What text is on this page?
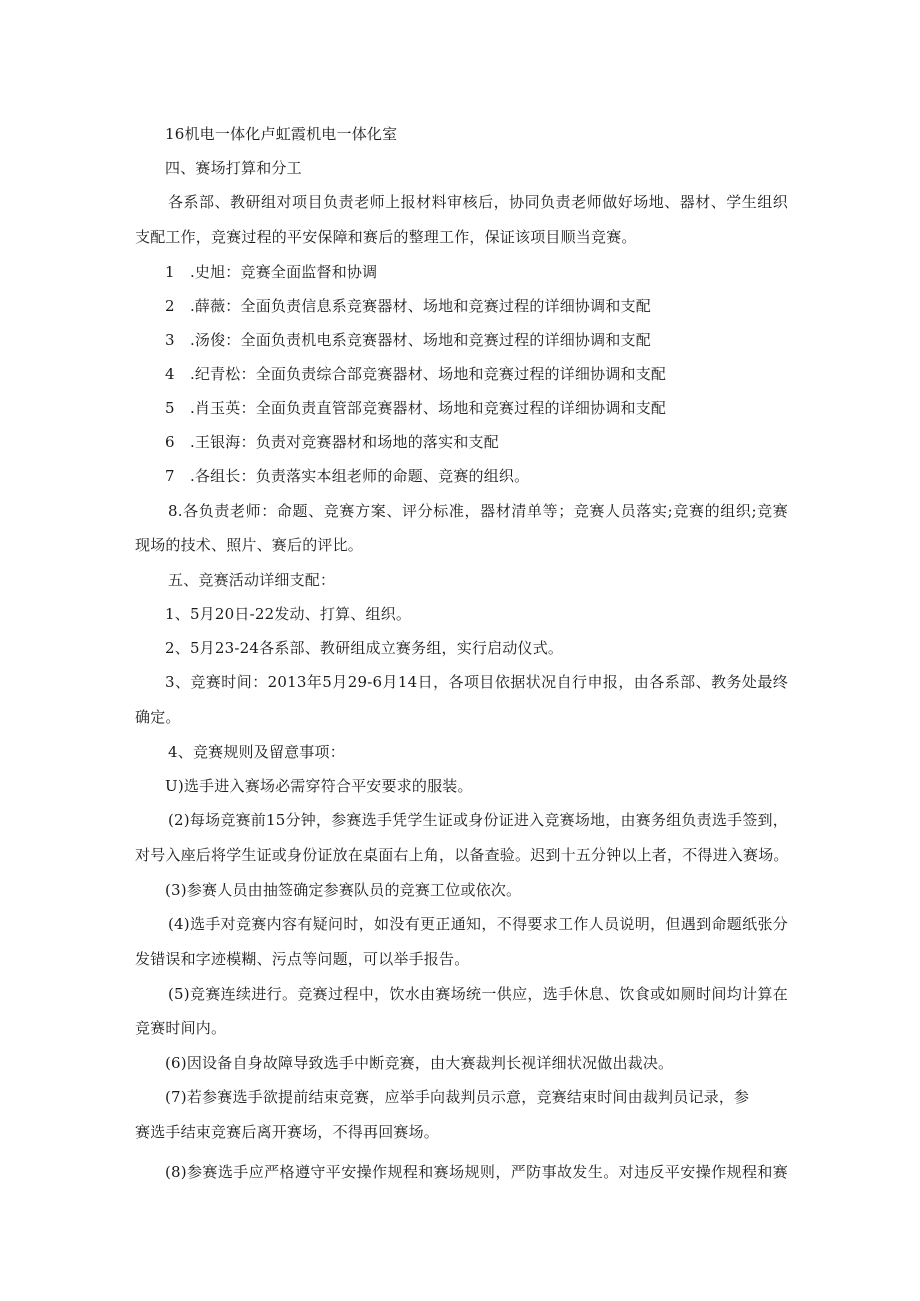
16机电一体化卢虹霞机电一体化室
四、赛场打算和分工
各系部、教研组对项目负责老师上报材料审核后，协同负责老师做好场地、器材、学生组织
支配工作，竞赛过程的平安保障和赛后的整理工作，保证该项目顺当竞赛。
1　.史旭：竞赛全面监督和协调
2　.薛薇：全面负责信息系竞赛器材、场地和竞赛过程的详细协调和支配
3　.汤俊：全面负责机电系竞赛器材、场地和竞赛过程的详细协调和支配
4　.纪青松：全面负责综合部竞赛器材、场地和竞赛过程的详细协调和支配
5　.肖玉英：全面负责直管部竞赛器材、场地和竞赛过程的详细协调和支配
6　.王银海：负责对竞赛器材和场地的落实和支配
7　.各组长：负责落实本组老师的命题、竞赛的组织。
8.各负责老师：命题、竞赛方案、评分标准，器材清单等；竞赛人员落实;竞赛的组织;竞赛
现场的技术、照片、赛后的评比。
五、竞赛活动详细支配：
1、5月20日-22发动、打算、组织。
2、5月23-24各系部、教研组成立赛务组，实行启动仪式。
3、竞赛时间：2013年5月29-6月14日，各项目依据状况自行申报，由各系部、教务处最终
确定。
4、竞赛规则及留意事项：
U)选手进入赛场必需穿符合平安要求的服装。
(2)每场竞赛前15分钟，参赛选手凭学生证或身份证进入竞赛场地，由赛务组负责选手签到，
对号入座后将学生证或身份证放在桌面右上角，以备查验。迟到十五分钟以上者，不得进入赛场。
(3)参赛人员由抽签确定参赛队员的竞赛工位或依次。
(4)选手对竞赛内容有疑问时，如没有更正通知，不得要求工作人员说明，但遇到命题纸张分
发错误和字迹模糊、污点等问题，可以举手报告。
(5)竞赛连续进行。竞赛过程中，饮水由赛场统一供应，选手休息、饮食或如厕时间均计算在
竞赛时间内。
(6)因设备自身故障导致选手中断竞赛，由大赛裁判长视详细状况做出裁决。
(7)若参赛选手欲提前结束竞赛，应举手向裁判员示意，竞赛结束时间由裁判员记录，参
赛选手结束竞赛后离开赛场，不得再回赛场。
(8)参赛选手应严格遵守平安操作规程和赛场规则，严防事故发生。对违反平安操作规程和赛
